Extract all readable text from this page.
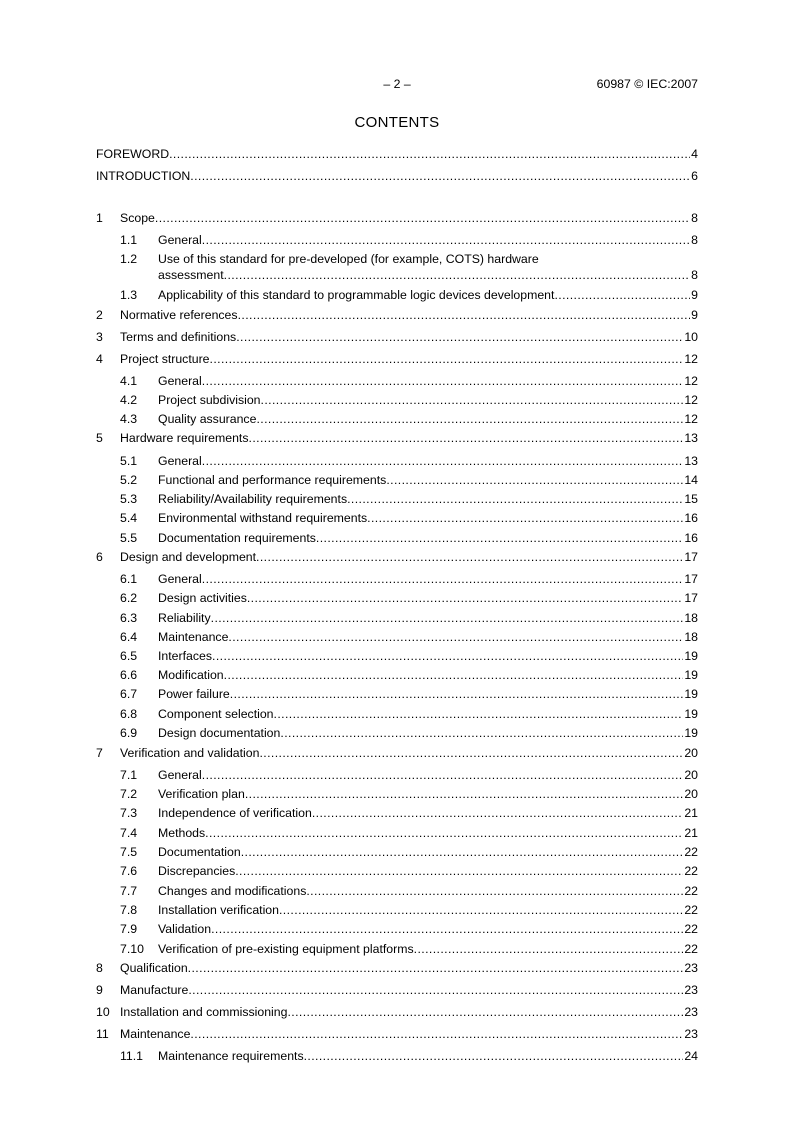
– 2 –	60987 © IEC:2007
CONTENTS
FOREWORD .....	4
INTRODUCTION .....	6
1 Scope .....	8
1.1 General .....	8
1.2 Use of this standard for pre-developed (for example, COTS) hardware
assessment .....	8
1.3 Applicability of this standard to programmable logic devices development .....	9
2 Normative references .....	9
3 Terms and definitions .....	10
4 Project structure .....	12
4.1 General .....	12
4.2 Project subdivision .....	12
4.3 Quality assurance .....	12
5 Hardware requirements .....	13
5.1 General .....	13
5.2 Functional and performance requirements .....	14
5.3 Reliability/Availability requirements .....	15
5.4 Environmental withstand requirements .....	16
5.5 Documentation requirements .....	16
6 Design and development .....	17
6.1 General .....	17
6.2 Design activities .....	17
6.3 Reliability .....	18
6.4 Maintenance .....	18
6.5 Interfaces .....	19
6.6 Modification .....	19
6.7 Power failure .....	19
6.8 Component selection .....	19
6.9 Design documentation .....	19
7 Verification and validation .....	20
7.1 General .....	20
7.2 Verification plan .....	20
7.3 Independence of verification .....	21
7.4 Methods .....	21
7.5 Documentation .....	22
7.6 Discrepancies .....	22
7.7 Changes and modifications .....	22
7.8 Installation verification .....	22
7.9 Validation .....	22
7.10 Verification of pre-existing equipment platforms .....	22
8 Qualification .....	23
9 Manufacture .....	23
10 Installation and commissioning .....	23
11 Maintenance .....	23
11.1 Maintenance requirements .....	24
